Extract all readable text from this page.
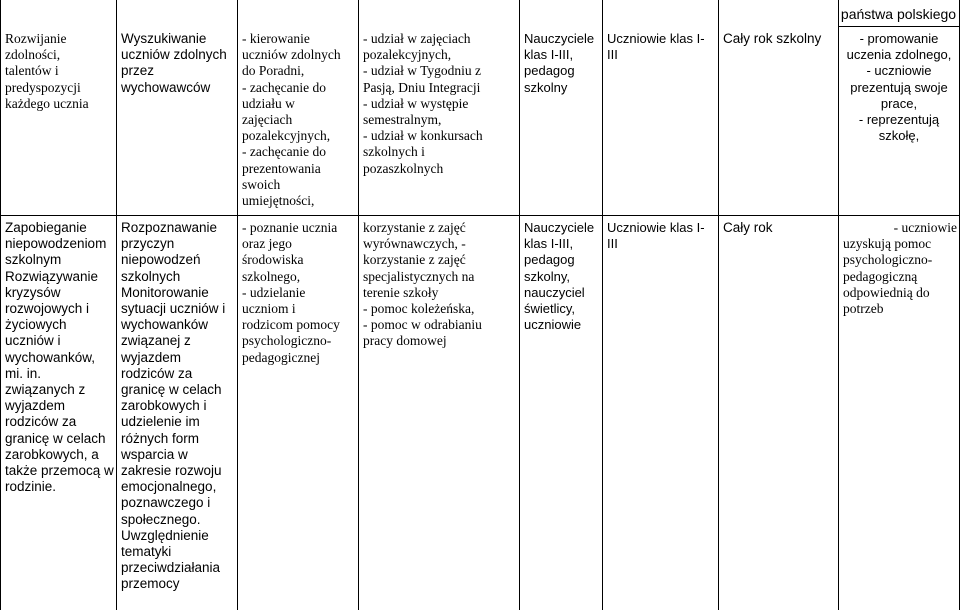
państwa polskiego
Rozwijanie
zdolności,
talentów i
predyspozycji
każdego ucznia
Wyszukiwanie
uczniów zdolnych
przez
wychowawców
- kierowanie
uczniów zdolnych
do Poradni,
- zachęcanie do
udziału w
zajęciach
pozalekcyjnych,
- zachęcanie do
prezentowania
swoich
umiejętności,
- udział w zajęciach
pozalekcyjnych,
- udział w Tygodniu z
Pasją, Dniu Integracji
- udział w występie
semestralnym,
- udział w konkursach
szkolnych i
pozaszkolnych
Nauczyciele
klas I-III,
pedagog
szkolny
Uczniowie klas I-
III
Cały rok szkolny	- promowanie
uczenia zdolnego,
- uczniowie
prezentują swoje
prace,
- reprezentują
szkołę,
Zapobieganie
niepowodzeniom
szkolnym
Rozwiązywanie
kryzysów
rozwojowych i
życiowych
uczniów i
wychowanków,
mi. in.
związanych z
wyjazdem
rodziców za
granicę w celach
zarobkowych, a
także przemocą w
rodzinie.
Rozpoznawanie
przyczyn
niepowodzeń
szkolnych
Monitorowanie
sytuacji uczniów i
wychowanków
związanej z
wyjazdem
rodziców za
granicę w celach
zarobkowych i
udzielenie im
różnych form
wsparcia w
zakresie rozwoju
emocjonalnego,
poznawczego i
społecznego.
Uwzględnienie
tematyki
przeciwdziałania
przemocy
- poznanie ucznia
oraz jego
środowiska
szkolnego,
- udzielanie
uczniom i
rodzicom pomocy
psychologiczno-
pedagogicznej
korzystanie z zajęć
wyrównawczych, -
korzystanie z zajęć
specjalistycznych na
terenie szkoły
- pomoc koleżeńska,
- pomoc w odrabianiu
pracy domowej
Nauczyciele
klas I-III,
pedagog
szkolny,
nauczyciel
świetlicy,
uczniowie
Uczniowie klas I-
III
Cały rok	- uczniowie
uzyskują pomoc
psychologiczno-
pedagogiczną
odpowiednią do
potrzeb
